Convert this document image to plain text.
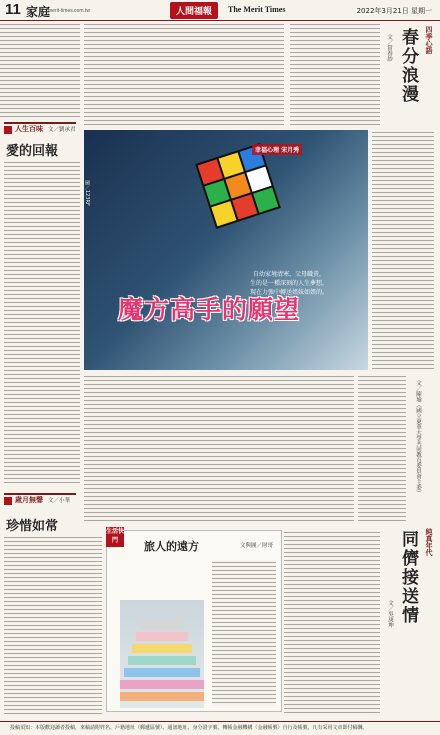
11 家庭
merit-times.com.tw	人間福報	The Merit Times	2022年3月21日 星期一
人生百味 文／劉承君
愛的回報
歲月無聲 文／小華
珍惜如常
幸福心理 宋月秀
自幼家境清寒，父母職責，
生的是一種深刻的人生夢想，
現在力強中轉送姐妹如姐的。
魔方高手的願望
圖／123RF
四季心語
春分浪漫
文／賞春紗
文／陳瑜（國立東華大學共同教育委員會主委）
純真年代
同儕接送情
文／吳庚坤
生活快門	旅人的遠方	文與圖／財哥
投稿須知：本版歡迎讀者投稿，來稿請附姓名、戶籍地址（郵遞區號）、通訊地址、身分證字號、轉帳金融機構（金融帳號）自行及帳號，凡有采用文章即付稿酬。
